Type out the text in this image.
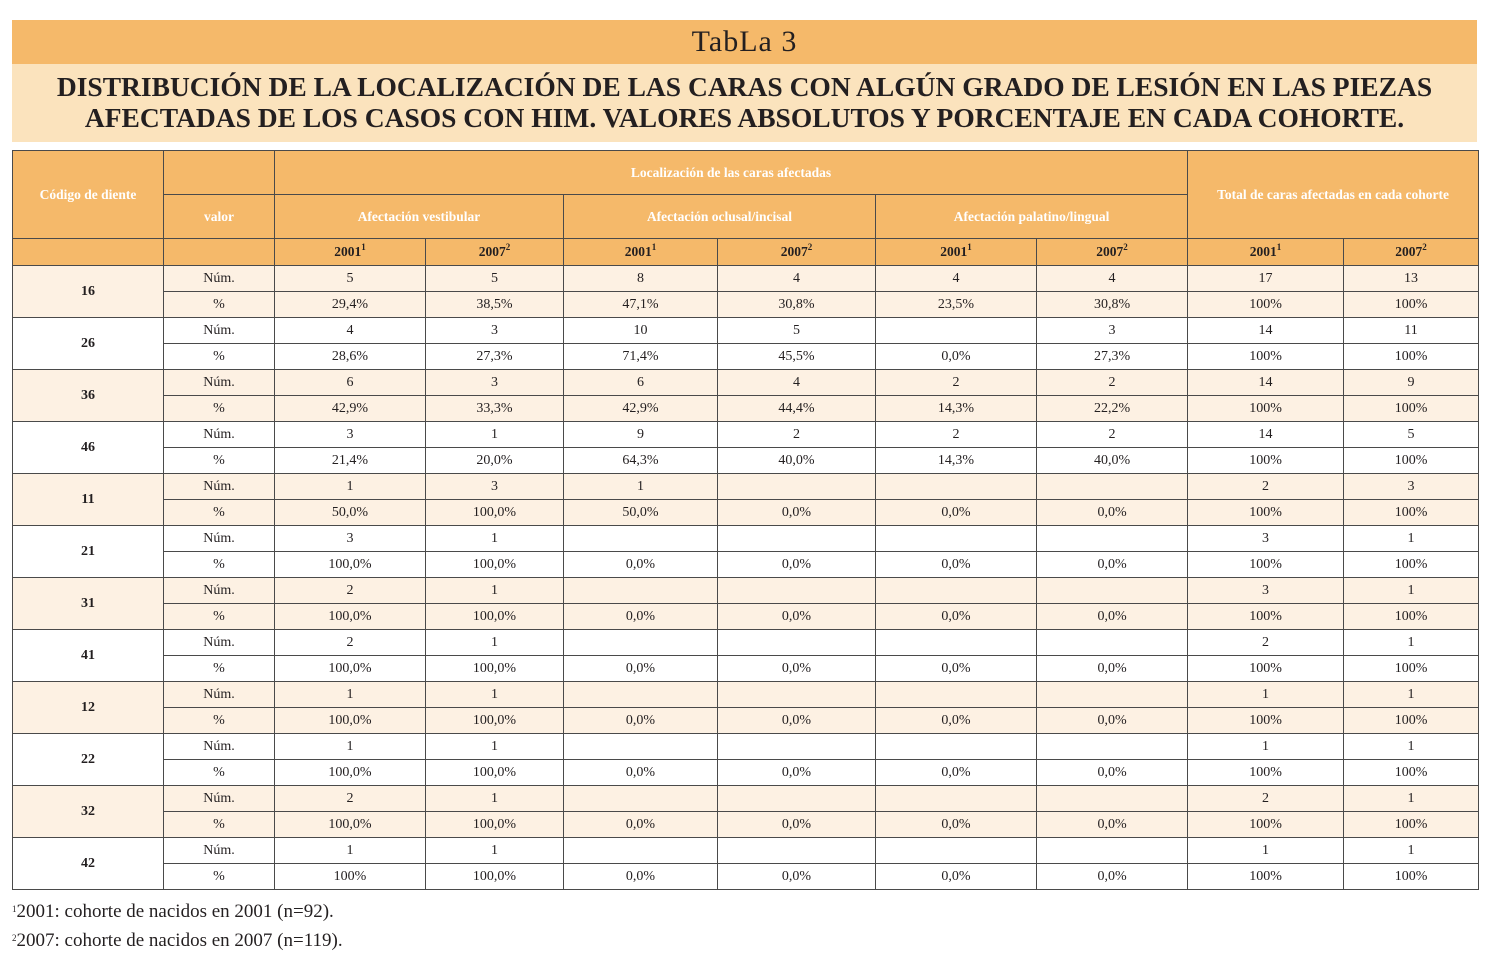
TabLa 3
DISTRIBUCIÓN DE LA LOCALIZACIÓN DE LAS CARAS CON ALGÚN GRADO DE LESIÓN EN LAS PIEZAS
AFECTADAS DE LOS CASOS CON HIM. VALORES ABSOLUTOS Y PORCENTAJE EN CADA COHORTE.
Código de diente		Localización de las caras afectadas						Total de caras afectadas en cada cohorte	
	valor	Afectación vestibular		Afectación oclusal/incisal		Afectación palatino/lingual			
		2001$^1$	2007$^2$	2001$^1$	2007$^2$	2001$^1$	2007$^2$	2001$^1$	2007$^2$
16	Núm.	5	5	8	4	4	4	17	13
	%	29,4%	38,5%	47,1%	30,8%	23,5%	30,8%	100%	100%
26	Núm.	4	3	10	5		3	14	11
	%	28,6%	27,3%	71,4%	45,5%	0,0%	27,3%	100%	100%
36	Núm.	6	3	6	4	2	2	14	9
	%	42,9%	33,3%	42,9%	44,4%	14,3%	22,2%	100%	100%
46	Núm.	3	1	9	2	2	2	14	5
	%	21,4%	20,0%	64,3%	40,0%	14,3%	40,0%	100%	100%
11	Núm.	1	3	1				2	3
	%	50,0%	100,0%	50,0%	0,0%	0,0%	0,0%	100%	100%
21	Núm.	3	1					3	1
	%	100,0%	100,0%	0,0%	0,0%	0,0%	0,0%	100%	100%
31	Núm.	2	1					3	1
	%	100,0%	100,0%	0,0%	0,0%	0,0%	0,0%	100%	100%
41	Núm.	2	1					2	1
	%	100,0%	100,0%	0,0%	0,0%	0,0%	0,0%	100%	100%
12	Núm.	1	1					1	1
	%	100,0%	100,0%	0,0%	0,0%	0,0%	0,0%	100%	100%
22	Núm.	1	1					1	1
	%	100,0%	100,0%	0,0%	0,0%	0,0%	0,0%	100%	100%
32	Núm.	2	1					2	1
	%	100,0%	100,0%	0,0%	0,0%	0,0%	0,0%	100%	100%
42	Núm.	1	1					1	1
	%	100%	100,0%	0,0%	0,0%	0,0%	0,0%	100%	100%
$^1$2001: cohorte de nacidos en 2001 (n=92).
$^2$2007: cohorte de nacidos en 2007 (n=119).
